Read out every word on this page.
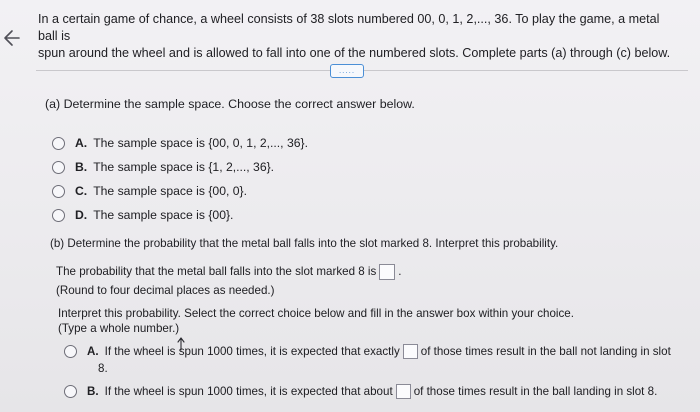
In a certain game of chance, a wheel consists of 38 slots numbered 00, 0, 1, 2,..., 36. To play the game, a metal ball is
spun around the wheel and is allowed to fall into one of the numbered slots. Complete parts (a) through (c) below.
.....
(a) Determine the sample space. Choose the correct answer below.
A. The sample space is {00, 0, 1, 2,..., 36}.
B. The sample space is {1, 2,..., 36}.
C. The sample space is {00, 0}.
D. The sample space is {00}.
(b) Determine the probability that the metal ball falls into the slot marked 8. Interpret this probability.
The probability that the metal ball falls into the slot marked 8 is .
(Round to four decimal places as needed.)
Interpret this probability. Select the correct choice below and fill in the answer box within your choice.
(Type a whole number.)
A. If the wheel is spun 1000 times, it is expected that exactly of those times result in the ball not landing in slot
8.
B. If the wheel is spun 1000 times, it is expected that about of those times result in the ball landing in slot 8.
